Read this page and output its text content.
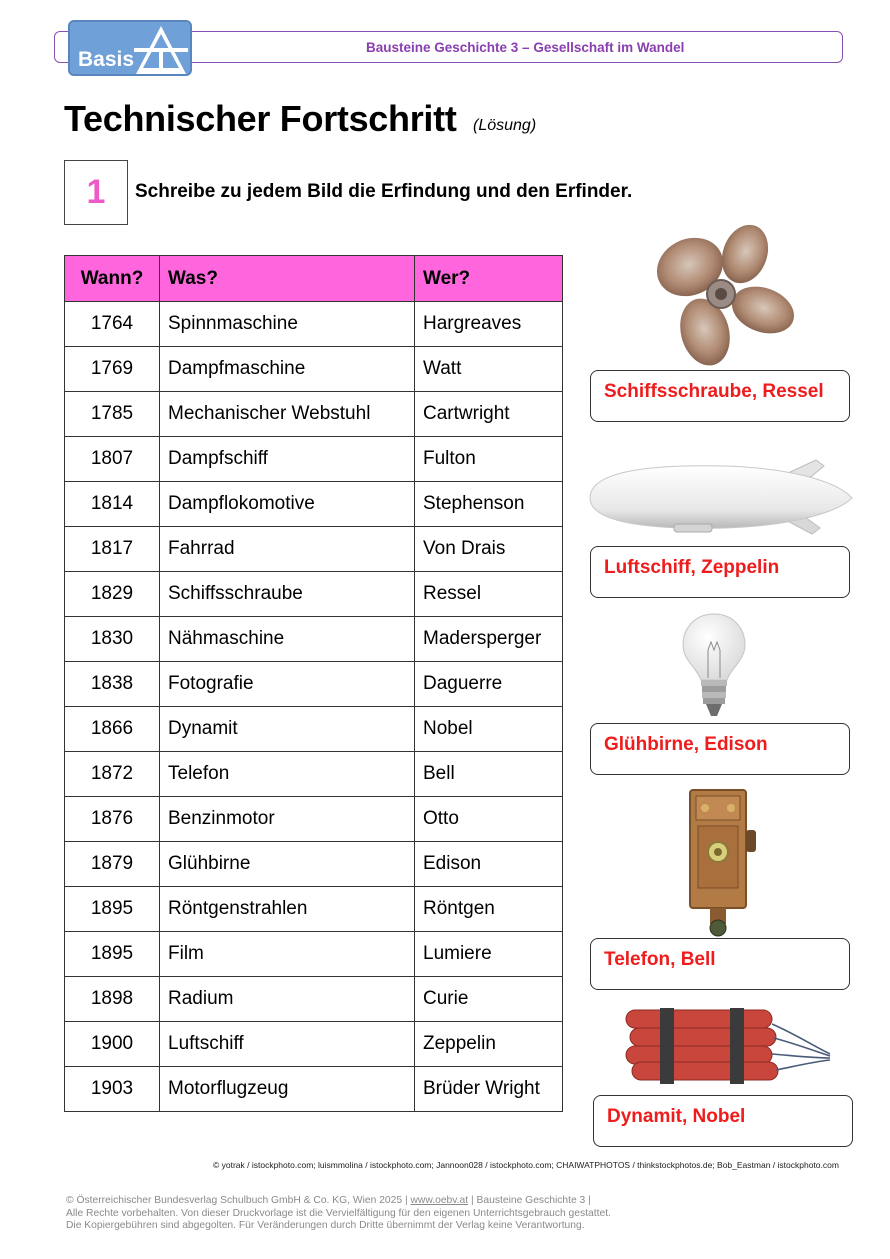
Bausteine Geschichte 3 – Gesellschaft im Wandel
Basis
Technischer Fortschritt (Lösung)
1	Schreibe zu jedem Bild die Erfindung und den Erfinder.
Wann?	Was?	Wer?
1764	Spinnmaschine	Hargreaves
1769	Dampfmaschine	Watt
1785	Mechanischer Webstuhl	Cartwright
1807	Dampfschiff	Fulton
1814	Dampflokomotive	Stephenson
1817	Fahrrad	Von Drais
1829	Schiffsschraube	Ressel
1830	Nähmaschine	Madersperger
1838	Fotografie	Daguerre
1866	Dynamit	Nobel
1872	Telefon	Bell
1876	Benzinmotor	Otto
1879	Glühbirne	Edison
1895	Röntgenstrahlen	Röntgen
1895	Film	Lumiere
1898	Radium	Curie
1900	Luftschiff	Zeppelin
1903	Motorflugzeug	Brüder Wright
Schiffsschraube, Ressel
Luftschiff, Zeppelin
Glühbirne, Edison
Telefon, Bell
Dynamit, Nobel
© yotrak / istockphoto.com; luismmolina / istockphoto.com; Jannoon028 / istockphoto.com; CHAIWATPHOTOS / thinkstockphotos.de; Bob_Eastman / istockphoto.com
© Österreichischer Bundesverlag Schulbuch GmbH & Co. KG, Wien 2025 | www.oebv.at | Bausteine Geschichte 3 |
Alle Rechte vorbehalten. Von dieser Druckvorlage ist die Vervielfältigung für den eigenen Unterrichtsgebrauch gestattet.
Die Kopiergebühren sind abgegolten. Für Veränderungen durch Dritte übernimmt der Verlag keine Verantwortung.
